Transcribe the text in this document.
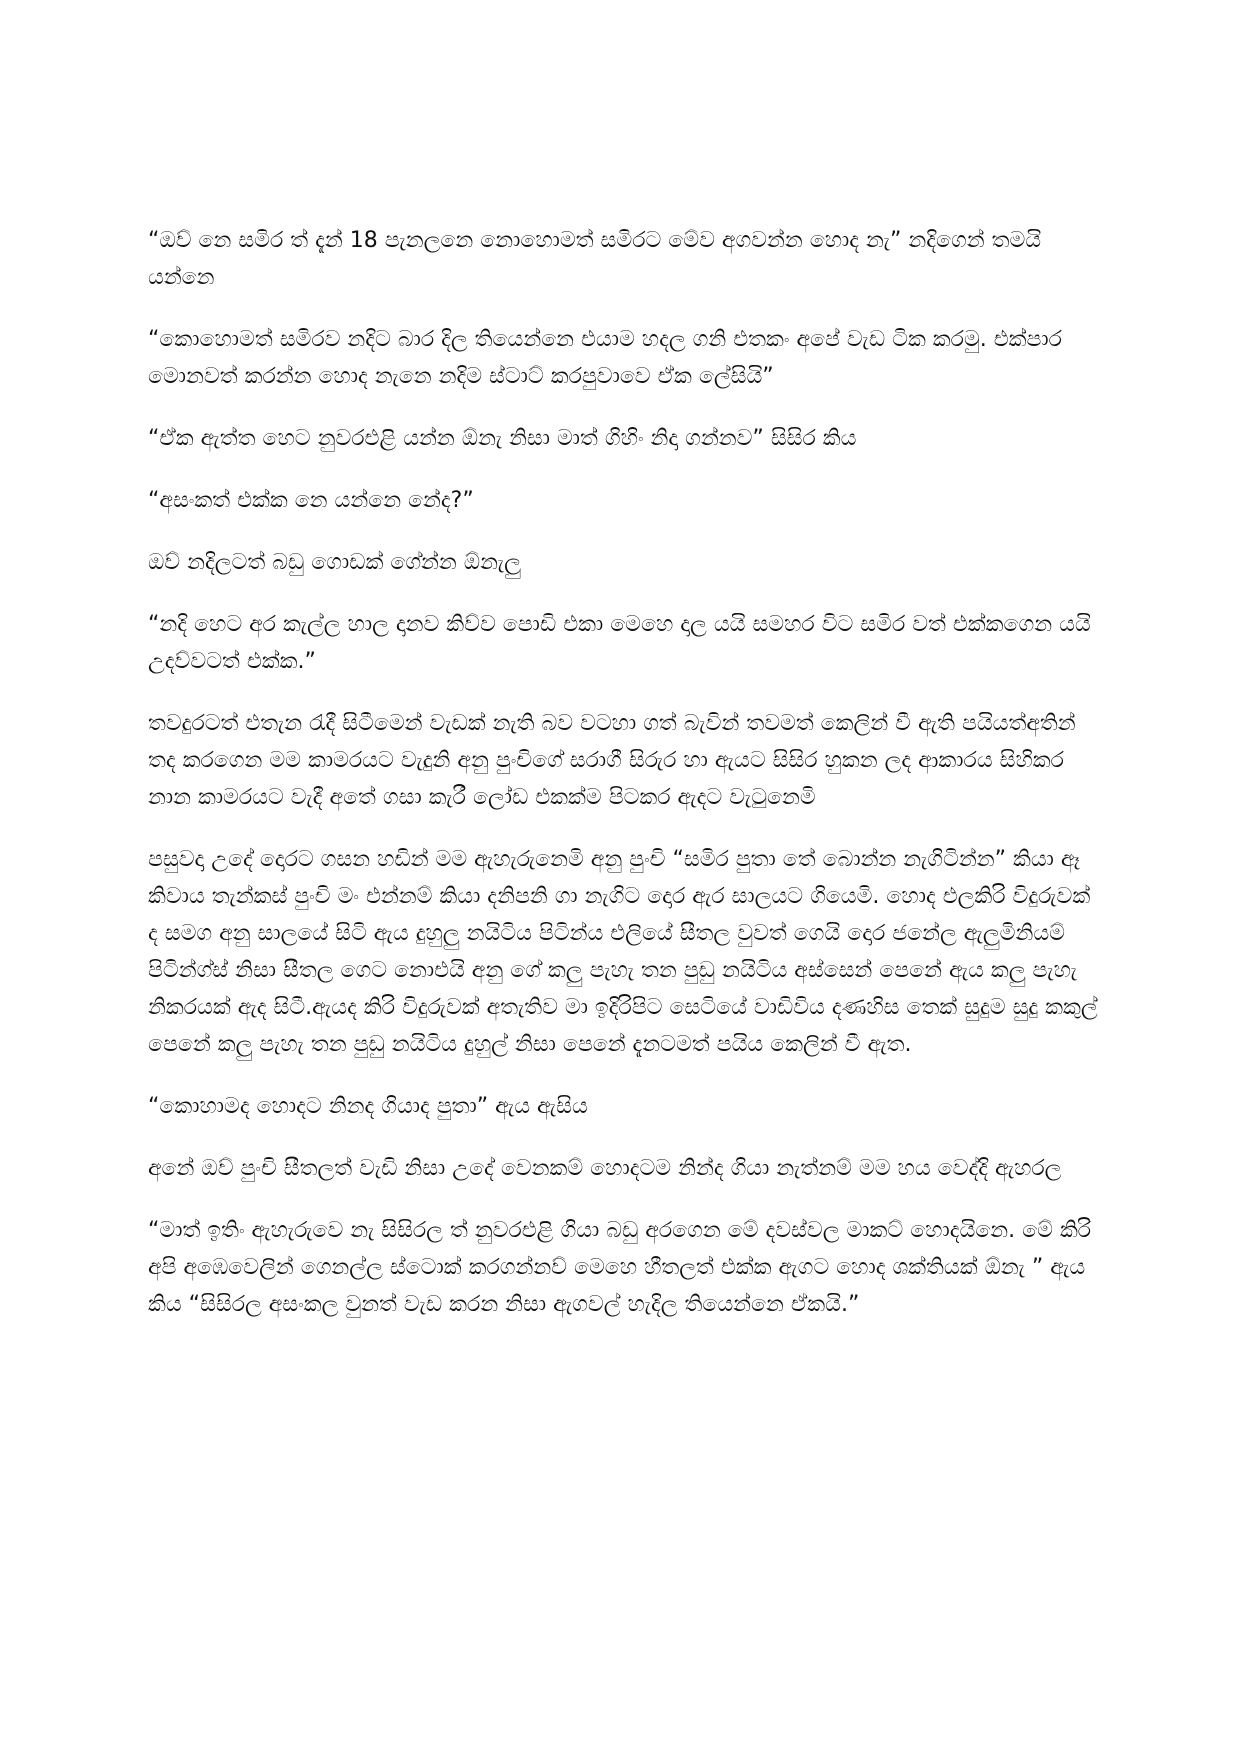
“ඔව් නෙ සමිර ත් දැන් 18 පැනලනෙ නොහොමත් සමිරට මේව අගවන්න හොද නැ” නදිගෙන් තමයි යන්නෙ

“කොහොමත් සමිරව නදිට බාර දිල තියෙන්නෙ එයාම හදල ගනි එතකං අපේ වැඩ ටික කරමු. එක්පාර මොනවත් කරන්න හොද නැනෙ නදිම ස්ටාට් කරපුවාවෙ ඒක ලේසියි”

“ඒක ඇත්ත හෙට නුවරඑළි යන්න ඕනැ නිසා මාත් ගිහිං නිදා ගන්නව” සිසිර කිය

“අසංකත් එක්ක නෙ යන්නෙ නේද?”

ඔව් නදිලටත් බඩු ගොඩක් ගේන්න ඕනැලු

“නදි හෙට අර කැල්ල හාල දානව කිව්ව පොඩි එකා මෙහෙ දාල යයි සමහර විට සමිර වත් එක්කගෙන යයි උදව්වටත් එක්ක.”

තවදුරටත් එතැන රැදී සිටීමෙන් වැඩක් නැති බව වටහා ගත් බැවින් තවමත් කෙලින් වී ඇති පයියත්අතින් තද කරගෙන මම කාමරයට වැදුනි අනු පුංචිගේ සරාගී සිරුර හා ඇයට සිසිර හුකන ලද ආකාරය සිහිකර නාන කාමරයට වැදී අතේ ගසා කැරී ලෝඩ එකක්ම පිටකර ඇදට වැටුනෙමි

පසුවදා උදේ දොරට ගසන හඩින් මම ඇහැරුනෙමි අනු පුංචි “සමිර පුතා තේ බොන්න නැගිටින්න” කියා ඈ කිවාය තැන්කස් පුංචි මං එන්නම් කියා දනිපනි ගා නැගිට දොර ඇර සාලයට ගියෙමි. හොද එලකිරි විදුරුවක් ද සමග අනු සාලයේ සිටි ඇය දුහුලු නයිටිය පිටින්ය එලියේ සීතල වුවත් ගෙයි දොර ජනේල ඇලුමිනියම් පිටින්ග්ස් නිසා සීතල ගෙට නොඑයි අනු ගේ කලු පැහැ තන පුඩු නයිටිය අස්සෙන් පෙනේ ඇය කලු පැහැ නිකරයක් ඇද සිටී.ඇයද කිරි විදුරුවක් අතැතිව මා ඉදිරිපිට සෙටියේ වාඩිවිය දණහිස තෙක් සුදුම සුදු කකුල් පෙනේ කලු පැහැ තන පුඩු නයිටිය දුහුල් නිසා පෙනේ දැනටමත් පයිය කෙලින් වී ඇත.

“කොහාමද හොදට නිනද ගියාද පුතා” ඇය ඇසිය

අනේ ඔව් පුංචි සීතලත් වැඩි නිසා උදේ වෙනකම් හොදටම නින්ද ගියා නැත්නම් මම හය වෙද්දි ඇහරල

“මාත් ඉතිං ඇහැරුවෙ නැ සිසිරල ත් නුවරඑළි ගියා බඩු අරගෙන මේ දවස්වල මාකට් හොදයිනෙ. මේ කිරි අපි අඹෙවෙලින් ගෙනල්ල ස්ටොක් කරගන්නව් මෙහෙ හීතලත් එක්ක ඇගට හොද ශක්තියක් ඕනැ ” ඇය කිය “සිසිරල අසංකල වුනත් වැඩ කරන නිසා ඇගවල් හැදිල තියෙන්නෙ ඒකයි.”
